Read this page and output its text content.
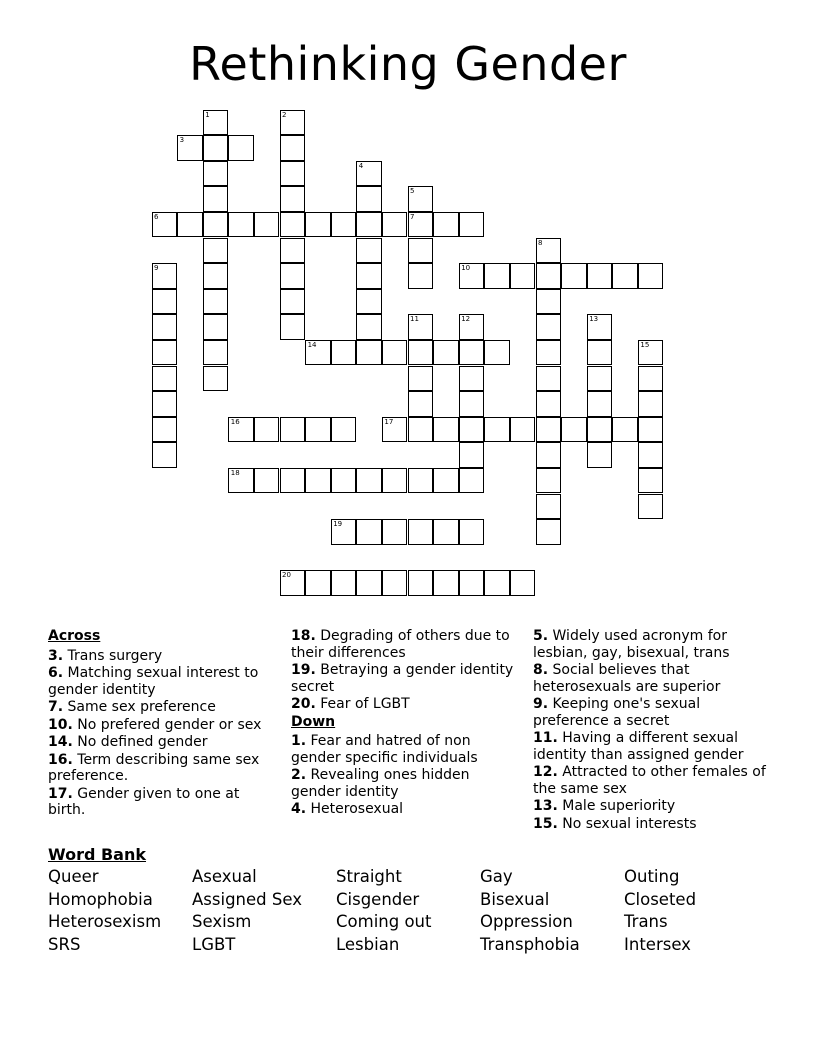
Rethinking Gender
1	2
3
4
5
7
6
8
9	10
11	12	13
14	15
16	17
18
19
20
Across
3. Trans surgery
6. Matching sexual interest to gender identity
7. Same sex preference
10. No prefered gender or sex
14. No defined gender
16. Term describing same sex preference.
17. Gender given to one at birth.
18. Degrading of others due to their differences
19. Betraying a gender identity secret
20. Fear of LGBT
Down
1. Fear and hatred of non gender specific individuals
2. Revealing ones hidden gender identity
4. Heterosexual
5. Widely used acronym for lesbian, gay, bisexual, trans
8. Social believes that heterosexuals are superior
9. Keeping one's sexual preference a secret
11. Having a different sexual identity than assigned gender
12. Attracted to other females of the same sex
13. Male superiority
15. No sexual interests
Word Bank
Queer	Asexual	Straight	Gay	Outing
Homophobia	Assigned Sex	Cisgender	Bisexual	Closeted
Heterosexism	Sexism	Coming out	Oppression	Trans
SRS	LGBT	Lesbian	Transphobia	Intersex
